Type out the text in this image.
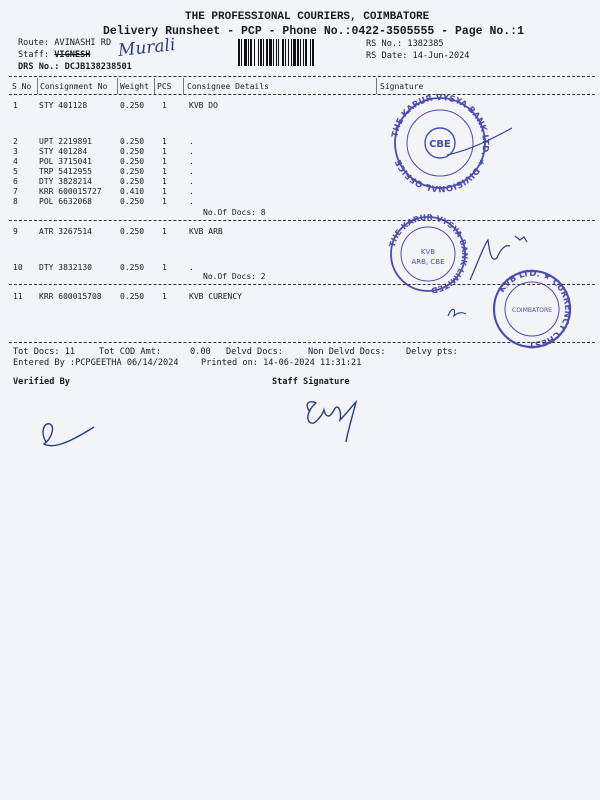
THE PROFESSIONAL COURIERS, COIMBATORE
Delivery Runsheet - PCP - Phone No.:0422-3505555 - Page No.:1
Route: AVINASHI RD
Staff: VIGNESH Murali
DRS No.: DCJB138238501
RS No.: 1382385
RS Date: 14-Jun-2024
S No Consignment No Weight PCS Consignee Details	Signature
1	STY 401128	0.250 1	KVB DO
2	UPT 2219891	0.250 1	.
3	STY 401284	0.250 1	.
4	POL 3715041	0.250 1	.
5	TRP 5412955	0.250 1	.
6	DTY 3828214	0.250 1	.
7	KRR 600015727 0.410 1	.
8	POL 6632068	0.250 1	.
9	ATR 3267514	0.250 1	KVB ARB
10 DTY 3832130	0.250 1	.
11 KRR 600015708 0.250 1	KVB CURENCY
No.Of Docs: 8
No.Of Docs: 2
Tot Docs: 11	Tot COD Amt:	0.00 Delvd Docs:	Non Delvd Docs: Delvy pts:
Entered By :PCPGEETHA 06/14/2024	Printed on: 14-06-2024 11:31:21
Verified By	Staff Signature
THE KARUR VYSYA BANK LTD. ★ DIVISIONAL OFFICE
CBE
THE KARUR VYSYA BANK LIMITED
KVB
ARB, CBE
KVB LTD. ★ CURRENCY CHEST
COIMBATORE
